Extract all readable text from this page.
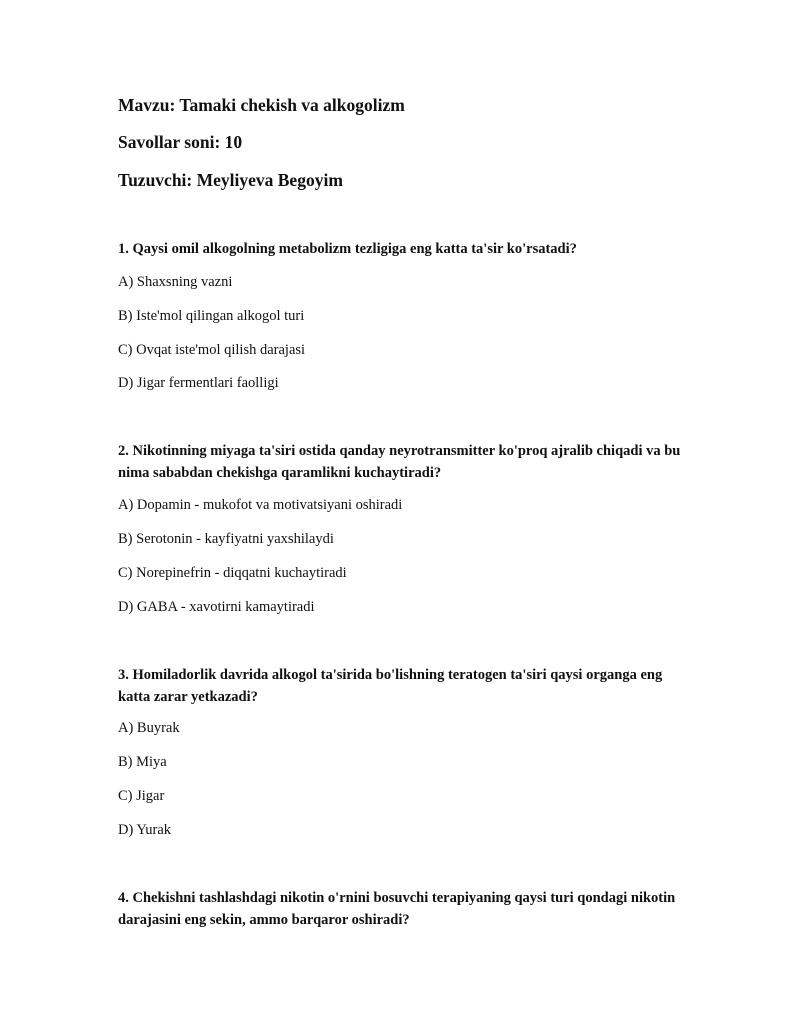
Mavzu: Tamaki chekish va alkogolizm
Savollar soni: 10
Tuzuvchi: Meyliyeva Begoyim
1. Qaysi omil alkogolning metabolizm tezligiga eng katta ta'sir ko'rsatadi?
A) Shaxsning vazni
B) Iste'mol qilingan alkogol turi
C) Ovqat iste'mol qilish darajasi
D) Jigar fermentlari faolligi
2. Nikotinning miyaga ta'siri ostida qanday neyrotransmitter ko'proq ajralib chiqadi va bu nima sababdan chekishga qaramlikni kuchaytiradi?
A) Dopamin - mukofot va motivatsiyani oshiradi
B) Serotonin - kayfiyatni yaxshilaydi
C) Norepinefrin - diqqatni kuchaytiradi
D) GABA - xavotirni kamaytiradi
3. Homiladorlik davrida alkogol ta'sirida bo'lishning teratogen ta'siri qaysi organga eng katta zarar yetkazadi?
A) Buyrak
B) Miya
C) Jigar
D) Yurak
4. Chekishni tashlashdagi nikotin o'rnini bosuvchi terapiyaning qaysi turi qondagi nikotin darajasini eng sekin, ammo barqaror oshiradi?
